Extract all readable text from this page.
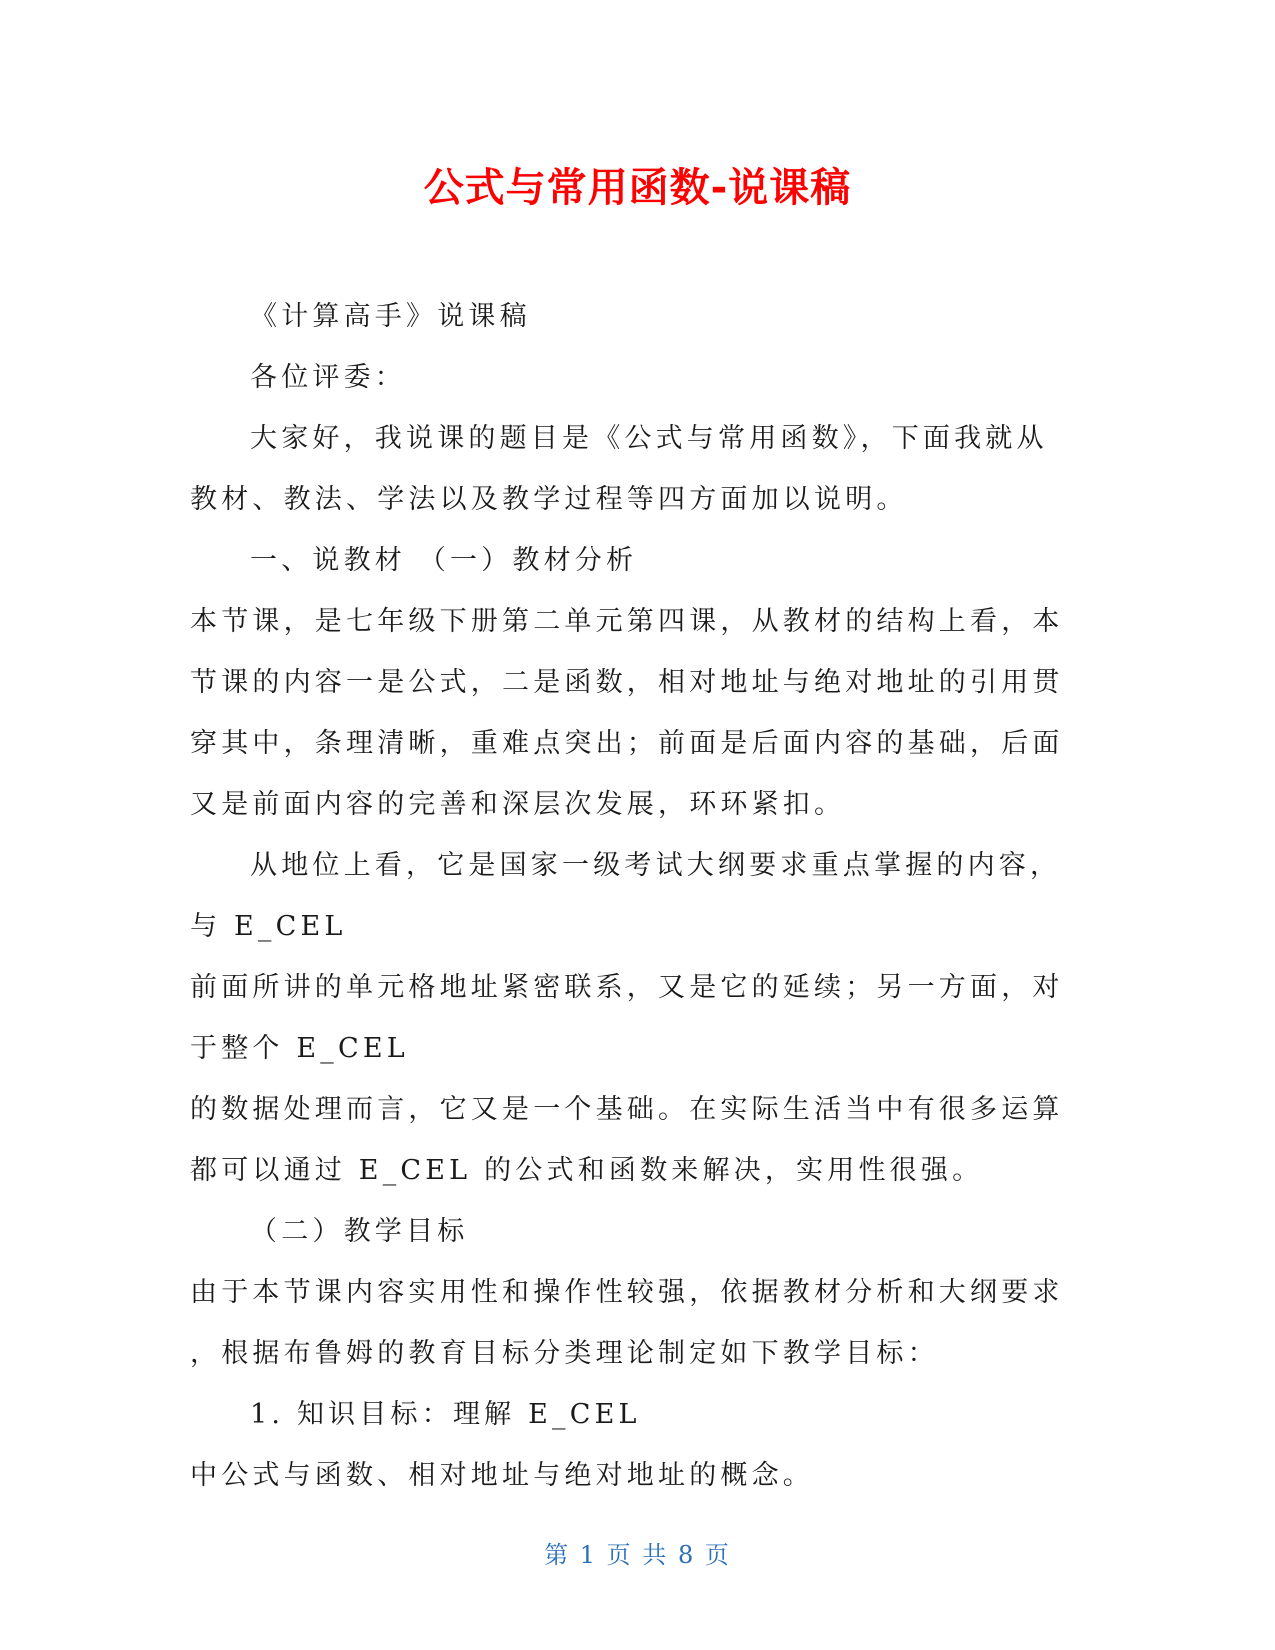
公式与常用函数-说课稿
《计算高手》说课稿
各位评委：
大家好，我说课的题目是《公式与常用函数》，下面我就从
教材、教法、学法以及教学过程等四方面加以说明。
一、说教材 （一）教材分析
本节课，是七年级下册第二单元第四课，从教材的结构上看，本
节课的内容一是公式，二是函数，相对地址与绝对地址的引用贯
穿其中，条理清晰，重难点突出；前面是后面内容的基础，后面
又是前面内容的完善和深层次发展，环环紧扣。
从地位上看，它是国家一级考试大纲要求重点掌握的内容，
与 E_CEL
前面所讲的单元格地址紧密联系，又是它的延续；另一方面，对
于整个 E_CEL
的数据处理而言，它又是一个基础。在实际生活当中有很多运算
都可以通过 E_CEL 的公式和函数来解决，实用性很强。
（二）教学目标
由于本节课内容实用性和操作性较强，依据教材分析和大纲要求
，根据布鲁姆的教育目标分类理论制定如下教学目标：
1. 知识目标：理解 E_CEL
中公式与函数、相对地址与绝对地址的概念。
第 1 页 共 8 页
